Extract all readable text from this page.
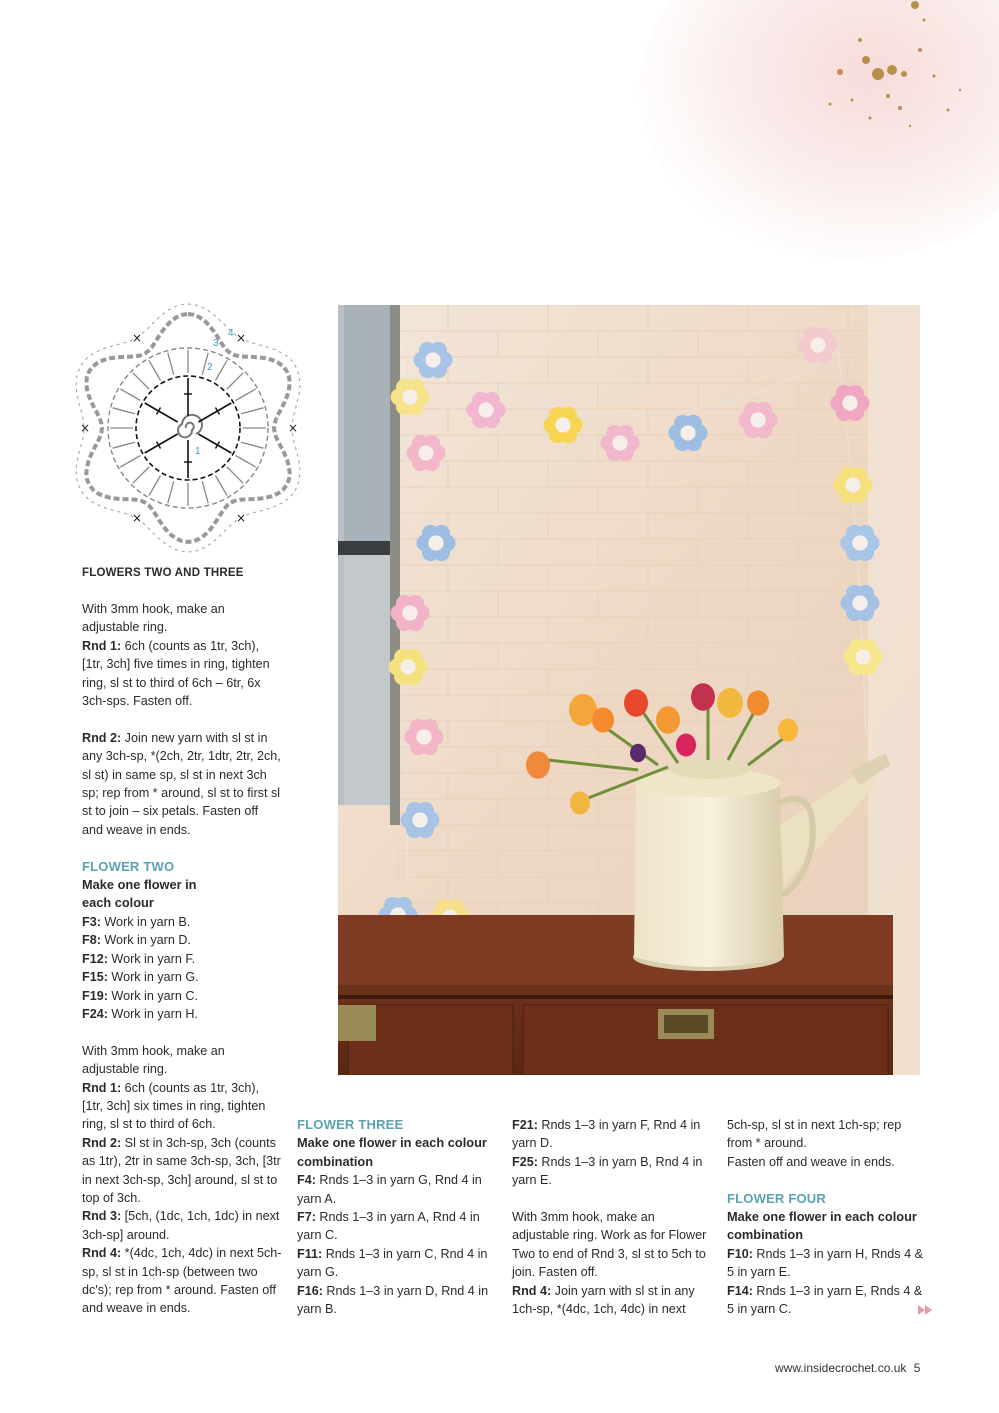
×
×
×
×
×
×	4
3
2
1
FLOWERS TWO AND THREE

With 3mm hook, make an adjustable ring.

Rnd 1: 6ch (counts as 1tr, 3ch), [1tr, 3ch] five times in ring, tighten ring, sl st to third of 6ch – 6tr, 6x 3ch-sps. Fasten off.

Rnd 2: Join new yarn with sl st in any 3ch-sp, *(2ch, 2tr, 1dtr, 2tr, 2ch, sl st) in same sp, sl st in next 3ch sp; rep from * around, sl st to first sl st to join – six petals. Fasten off and weave in ends.

FLOWER TWO

Make one flower in each colour

F3: Work in yarn B.

F8: Work in yarn D.

F12: Work in yarn F.

F15: Work in yarn G.

F19: Work in yarn C.

F24: Work in yarn H.

With 3mm hook, make an adjustable ring.

Rnd 1: 6ch (counts as 1tr, 3ch), [1tr, 3ch] six times in ring, tighten ring, sl st to third of 6ch.

Rnd 2: Sl st in 3ch-sp, 3ch (counts as 1tr), 2tr in same 3ch-sp, 3ch, [3tr in next 3ch-sp, 3ch] around, sl st to top of 3ch.

Rnd 3: [5ch, (1dc, 1ch, 1dc) in next 3ch-sp] around.

Rnd 4: *(4dc, 1ch, 4dc) in next 5ch-sp, sl st in 1ch-sp (between two dc's); rep from * around. Fasten off and weave in ends.

FLOWER THREE

Make one flower in each colour combination

F4: Rnds 1–3 in yarn G, Rnd 4 in yarn A.

F7: Rnds 1–3 in yarn A, Rnd 4 in yarn C.

F11: Rnds 1–3 in yarn C, Rnd 4 in yarn G.

F16: Rnds 1–3 in yarn D, Rnd 4 in yarn B.

F21: Rnds 1–3 in yarn F, Rnd 4 in yarn D.

F25: Rnds 1–3 in yarn B, Rnd 4 in yarn E.

With 3mm hook, make an adjustable ring. Work as for Flower Two to end of Rnd 3, sl st to 5ch to join. Fasten off.

Rnd 4: Join yarn with sl st in any 1ch-sp, *(4dc, 1ch, 4dc) in next

5ch-sp, sl st in next 1ch-sp; rep from * around.

Fasten off and weave in ends.

FLOWER FOUR

Make one flower in each colour combination

F10: Rnds 1–3 in yarn H, Rnds 4 & 5 in yarn E.

F14: Rnds 1–3 in yarn E, Rnds 4 & 5 in yarn C.

www.insidecrochet.co.uk 5
